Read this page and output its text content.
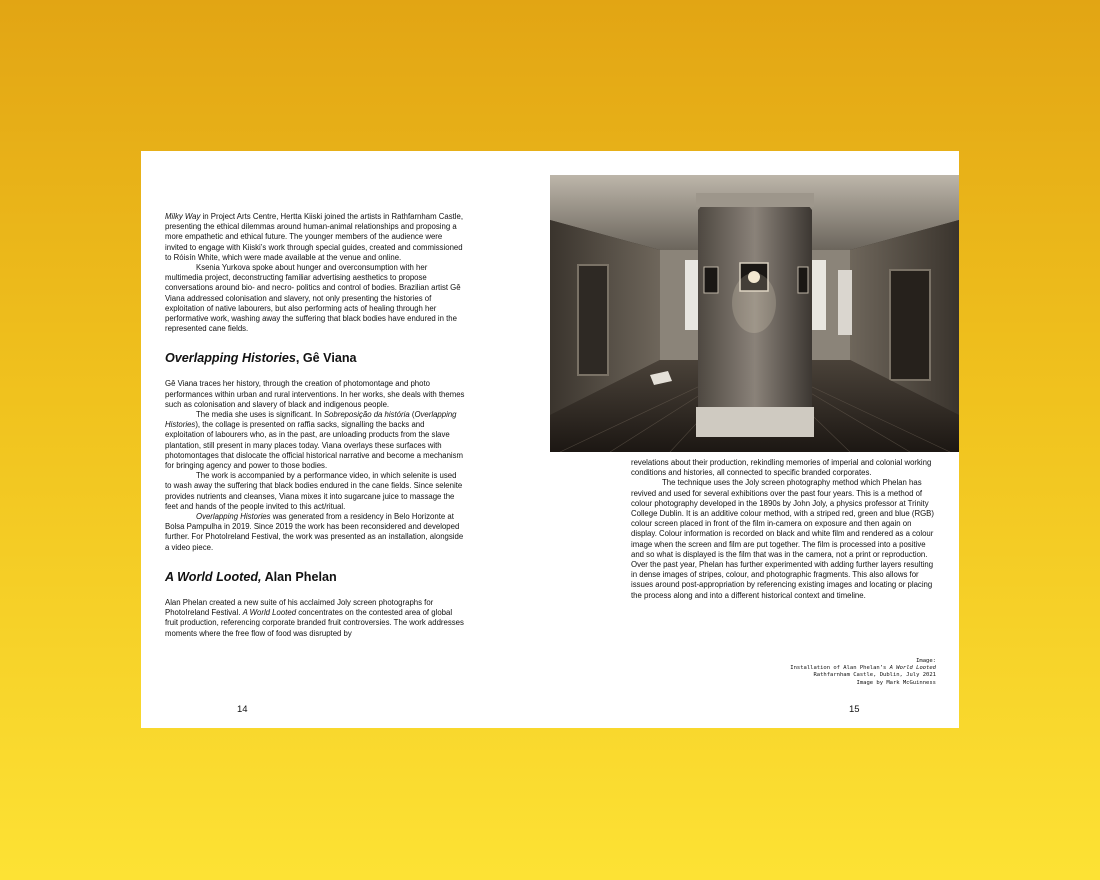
Milky Way in Project Arts Centre, Hertta Kiiski joined the artists in Rathfarnham Castle, presenting the ethical dilemmas around human-animal relationships and proposing a more empathetic and ethical future. The younger members of the audience were invited to engage with Kiiski’s work through special guides, created and commissioned to Róisín White, which were made available at the venue and online.

Ksenia Yurkova spoke about hunger and overconsumption with her multimedia project, deconstructing familiar advertising aesthetics to propose conversations around bio- and necro- politics and control of bodies. Brazilian artist Gê Viana addressed colonisation and slavery, not only presenting the histories of exploitation of native labourers, but also performing acts of healing through her performative work, washing away the suffering that black bodies have endured in the represented cane fields.

Overlapping Histories, Gê Viana

Gê Viana traces her history, through the creation of photomontage and photo performances within urban and rural interventions. In her works, she deals with themes such as colonisation and slavery of black and indigenous people.

The media she uses is significant. In Sobreposição da história (Overlapping Histories), the collage is presented on raffia sacks, signalling the backs and exploitation of labourers who, as in the past, are unloading products from the slave plantation, still present in many places today. Viana overlays these surfaces with photomontages that dislocate the official historical narrative and become a mechanism for bringing agency and power to those bodies.

The work is accompanied by a performance video, in which selenite is used to wash away the suffering that black bodies endured in the cane fields. Since selenite provides nutrients and cleanses, Viana mixes it into sugarcane juice to massage the feet and hands of the people invited to this act/ritual.

Overlapping Histories was generated from a residency in Belo Horizonte at Bolsa Pampulha in 2019. Since 2019 the work has been reconsidered and developed further. For PhotoIreland Festival, the work was presented as an installation, alongside a video piece.

A World Looted, Alan Phelan

Alan Phelan created a new suite of his acclaimed Joly screen photographs for PhotoIreland Festival. A World Looted concentrates on the contested area of global fruit production, referencing corporate branded fruit controversies. The work addresses moments where the free flow of food was disrupted by

14

revelations about their production, rekindling memories of imperial and colonial working conditions and histories, all connected to specific branded corporates.

The technique uses the Joly screen photography method which Phelan has revived and used for several exhibitions over the past four years. This is a method of colour photography developed in the 1890s by John Joly, a physics professor at Trinity College Dublin. It is an additive colour method, with a striped red, green and blue (RGB) colour screen placed in front of the film in-camera on exposure and then again on display. Colour information is recorded on black and white film and rendered as a colour image when the screen and film are put together. The film is processed into a positive and so what is displayed is the film that was in the camera, not a print or reproduction. Over the past year, Phelan has further experimented with adding further layers resulting in dense images of stripes, colour, and photographic fragments. This also allows for issues around post-appropriation by referencing existing images and locating or placing the process along and into a different historical context and timeline.

Image:
Installation of Alan Phelan’s A World Looted
Rathfarnham Castle, Dublin, July 2021
Image by Mark McGuinness
15
